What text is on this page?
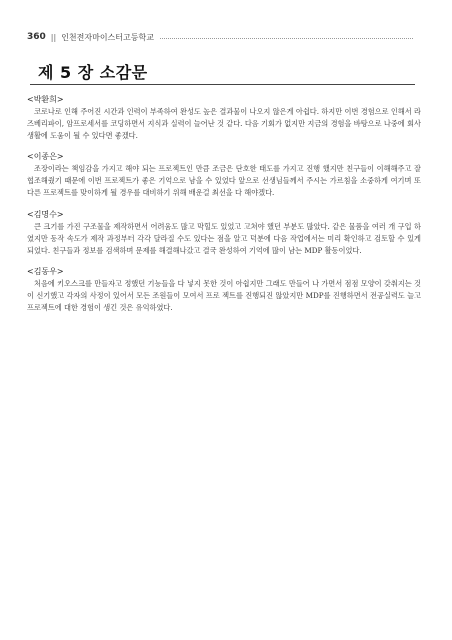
360 || 인천전자마이스터고등학교
제 5 장 소감문
<박환희>

코로나로 인해 주어진 시간과 인력이 부족하여 완성도 높은 결과물이 나오지 않은게 아쉽다. 하지만 이번 경험으로 인해서 라즈베리파이, 암프로세서를 코딩하면서 지식과 실력이 늘어난 것 같다. 다음 기회가 없지만 지금의 경험을 바탕으로 나중에 회사생활에 도움이 될 수 있다면 좋겠다.

<이종은>

조장이라는 책임감을 가지고 해야 되는 프로젝트인 만큼 조금은 단호한 태도를 가지고 진행 했지만 친구들이 이해해주고 잘 협조해줬기 때문에 이번 프로젝트가 좋은 기억으로 남을 수 있었다 앞으로 선생님들께서 주시는 가르침을 소중하게 여기며 또 다른 프로젝트를 맞이하게 될 경우를 대비하기 위해 배운걸 최선을 다 해야겠다.

<김명수>

큰 크기를 가진 구조물을 제작하면서 어려움도 많고 막힐도 있었고 고쳐야 했던 부분도 많았다. 같은 물품을 여러 개 구입 하였지만 동작 속도가 제작 과정부터 각각 달라질 수도 있다는 점을 알고 덕분에 다음 작업에서는 미리 확인하고 검토할 수 있게 되었다. 친구들과 정보를 검색하며 문제를 해결해나갔고 결국 완성하여 기억에 많이 남는 MDP 활동이었다.

<김동우>

처음에 키오스크를 만들자고 정했던 기능들을 다 넣지 못한 것이 아쉽지만 그래도 만들어 나 가면서 점점 모양이 갖춰지는 것이 신기했고 각자의 사정이 있어서 모든 조원들이 모여서 프로 젝트를 진행되진 않았지만 MDP를 진행하면서 전공실력도 늘고 프로젝트에 대한 경험이 생긴 것은 유익하였다.
